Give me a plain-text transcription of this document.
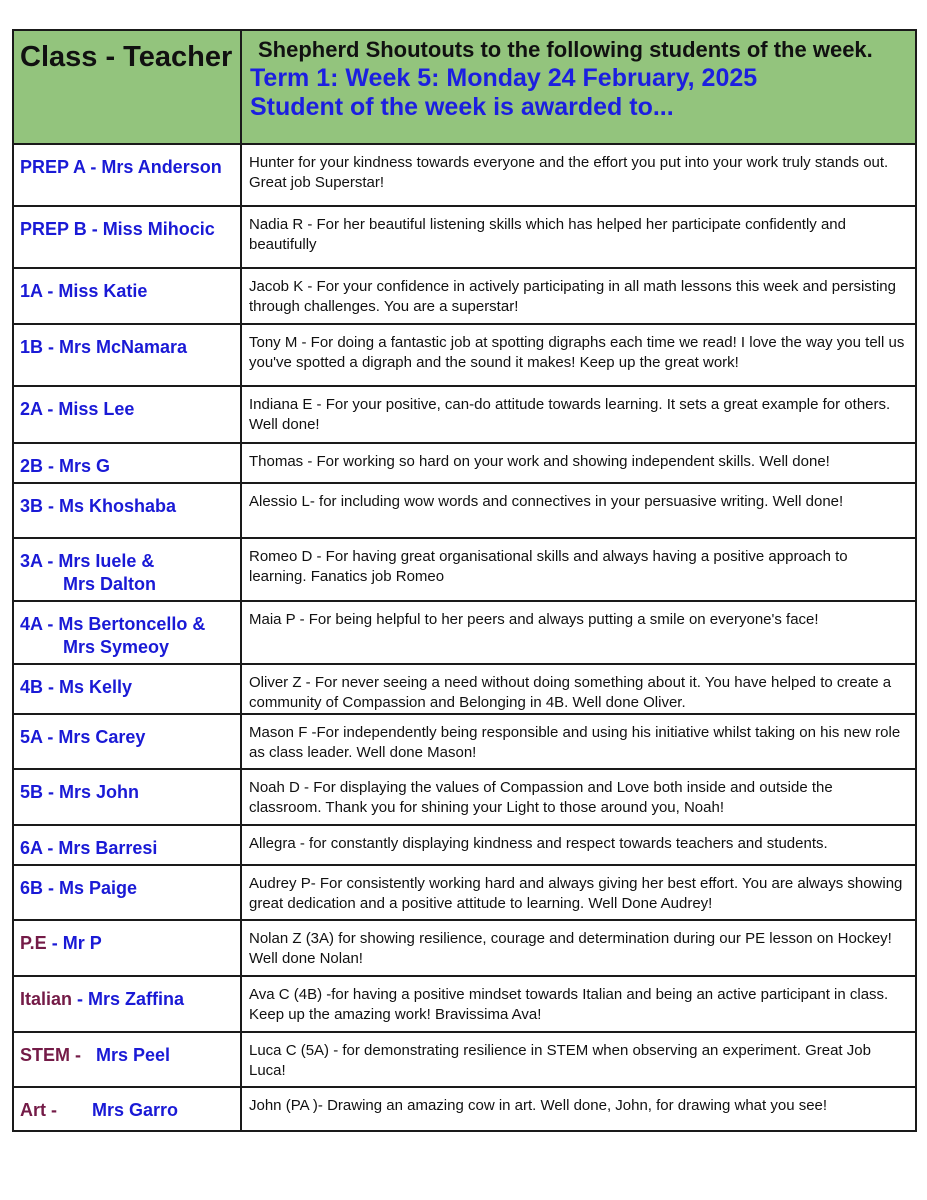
Class - Teacher	Shepherd Shoutouts to the following students of the week.
Term 1: Week 5: Monday 24 February, 2025
Student of the week is awarded to...

PREP A - Mrs Anderson	Hunter for your kindness towards everyone and the effort you put into your work truly stands out. Great job Superstar!
PREP B - Miss Mihocic	Nadia R - For her beautiful listening skills which has helped her participate confidently and beautifully
1A - Miss Katie	Jacob K - For your confidence in actively participating in all math lessons this week and persisting through challenges. You are a superstar!
1B - Mrs McNamara	Tony M - For doing a fantastic job at spotting digraphs each time we read! I love the way you tell us you've spotted a digraph and the sound it makes! Keep up the great work!
2A - Miss Lee	Indiana E - For your positive, can-do attitude towards learning. It sets a great example for others. Well done!
2B - Mrs G	Thomas - For working so hard on your work and showing independent skills. Well done!
3B - Ms Khoshaba	Alessio L- for including wow words and connectives in your persuasive writing. Well done!
3A - Mrs Iuele &
Mrs Dalton	Romeo D - For having great organisational skills and always having a positive approach to learning. Fanatics job Romeo
4A - Ms Bertoncello &
Mrs Symeoy	Maia P - For being helpful to her peers and always putting a smile on everyone's face!
4B - Ms Kelly	Oliver Z - For never seeing a need without doing something about it. You have helped to create a community of Compassion and Belonging in 4B. Well done Oliver.
5A - Mrs Carey	Mason F -For independently being responsible and using his initiative whilst taking on his new role as class leader. Well done Mason!
5B - Mrs John	Noah D - For displaying the values of Compassion and Love both inside and outside the classroom. Thank you for shining your Light to those around you, Noah!
6A - Mrs Barresi	Allegra - for constantly displaying kindness and respect towards teachers and students.
6B - Ms Paige	Audrey P- For consistently working hard and always giving her best effort. You are always showing great dedication and a positive attitude to learning. Well Done Audrey!
P.E - Mr P	Nolan Z (3A) for showing resilience, courage and determination during our PE lesson on Hockey! Well done Nolan!
Italian - Mrs Zaffina	Ava C (4B) -for having a positive mindset towards Italian and being an active participant in class. Keep up the amazing work! Bravissima Ava!
STEM -   Mrs Peel	Luca C (5A) - for demonstrating resilience in STEM when observing an experiment. Great Job Luca!
Art -       Mrs Garro	John (PA )- Drawing an amazing cow in art. Well done, John, for drawing what you see!
